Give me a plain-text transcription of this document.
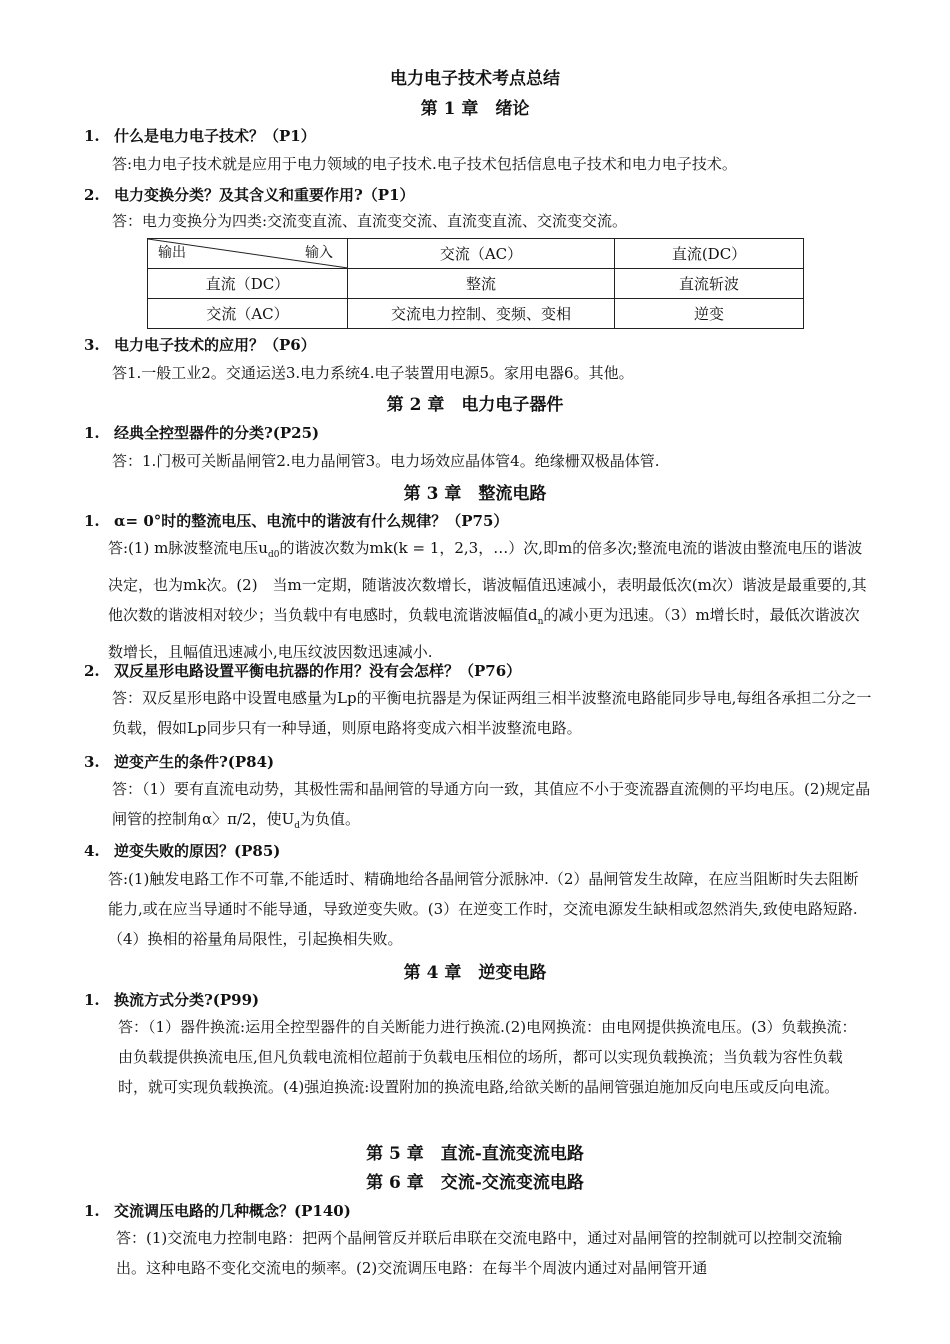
电力电子技术考点总结
第 1 章　绪论
1. 什么是电力电子技术？（P1）
答:电力电子技术就是应用于电力领域的电子技术.电子技术包括信息电子技术和电力电子技术。
2. 电力变换分类？及其含义和重要作用?（P1）
答：电力变换分为四类:交流变直流、直流变交流、直流变直流、交流变交流。
输出 输入	交流（AC）	直流(DC）
直流（DC）	整流	直流斩波
交流（AC）	交流电力控制、变频、变相	逆变
3. 电力电子技术的应用？（P6）
答1.一般工业2。交通运送3.电力系统4.电子装置用电源5。家用电器6。其他。
第 2 章　电力电子器件
1. 经典全控型器件的分类?(P25)
答：1.门极可关断晶闸管2.电力晶闸管3。电力场效应晶体管4。绝缘栅双极晶体管.
第 3 章　整流电路
1. α= 0°时的整流电压、电流中的谐波有什么规律？（P75）
答:(1) m脉波整流电压$u_{d0}$的谐波次数为mk(k = 1，2,3，…）次,即m的倍多次;整流电流的谐波由整流电压的谐波决定，也为mk次。(2)　当m一定期，随谐波次数增长，谐波幅值迅速减小，表明最低次(m次）谐波是最重要的,其他次数的谐波相对较少；当负载中有电感时，负载电流谐波幅值$d_n$的减小更为迅速。（3）m增长时，最低次谐波次数增长，且幅值迅速减小,电压纹波因数迅速减小.
2. 双反星形电路设置平衡电抗器的作用？没有会怎样？（P76）
答：双反星形电路中设置电感量为Lp的平衡电抗器是为保证两组三相半波整流电路能同步导电,每组各承担二分之一负载，假如Lp同步只有一种导通，则原电路将变成六相半波整流电路。
3. 逆变产生的条件?(P84)
答：（1）要有直流电动势，其极性需和晶闸管的导通方向一致，其值应不小于变流器直流侧的平均电压。(2)规定晶闸管的控制角α〉π/2，使$U_d$为负值。
4. 逆变失败的原因？(P85)
答:(1)触发电路工作不可靠,不能适时、精确地给各晶闸管分派脉冲.（2）晶闸管发生故障，在应当阻断时失去阻断能力,或在应当导通时不能导通，导致逆变失败。(3）在逆变工作时，交流电源发生缺相或忽然消失,致使电路短路.（4）换相的裕量角局限性，引起换相失败。
第 4 章　逆变电路
1. 换流方式分类?(P99)
答：（1）器件换流:运用全控型器件的自关断能力进行换流.(2)电网换流：由电网提供换流电压。(3）负载换流：由负载提供换流电压,但凡负载电流相位超前于负载电压相位的场所，都可以实现负载换流；当负载为容性负载时，就可实现负载换流。(4)强迫换流:设置附加的换流电路,给欲关断的晶闸管强迫施加反向电压或反向电流。
第 5 章　直流-直流变流电路
第 6 章　交流-交流变流电路
1. 交流调压电路的几种概念？(P140)
答：(1)交流电力控制电路：把两个晶闸管反并联后串联在交流电路中，通过对晶闸管的控制就可以控制交流输出。这种电路不变化交流电的频率。(2)交流调压电路：在每半个周波内通过对晶闸管开通
